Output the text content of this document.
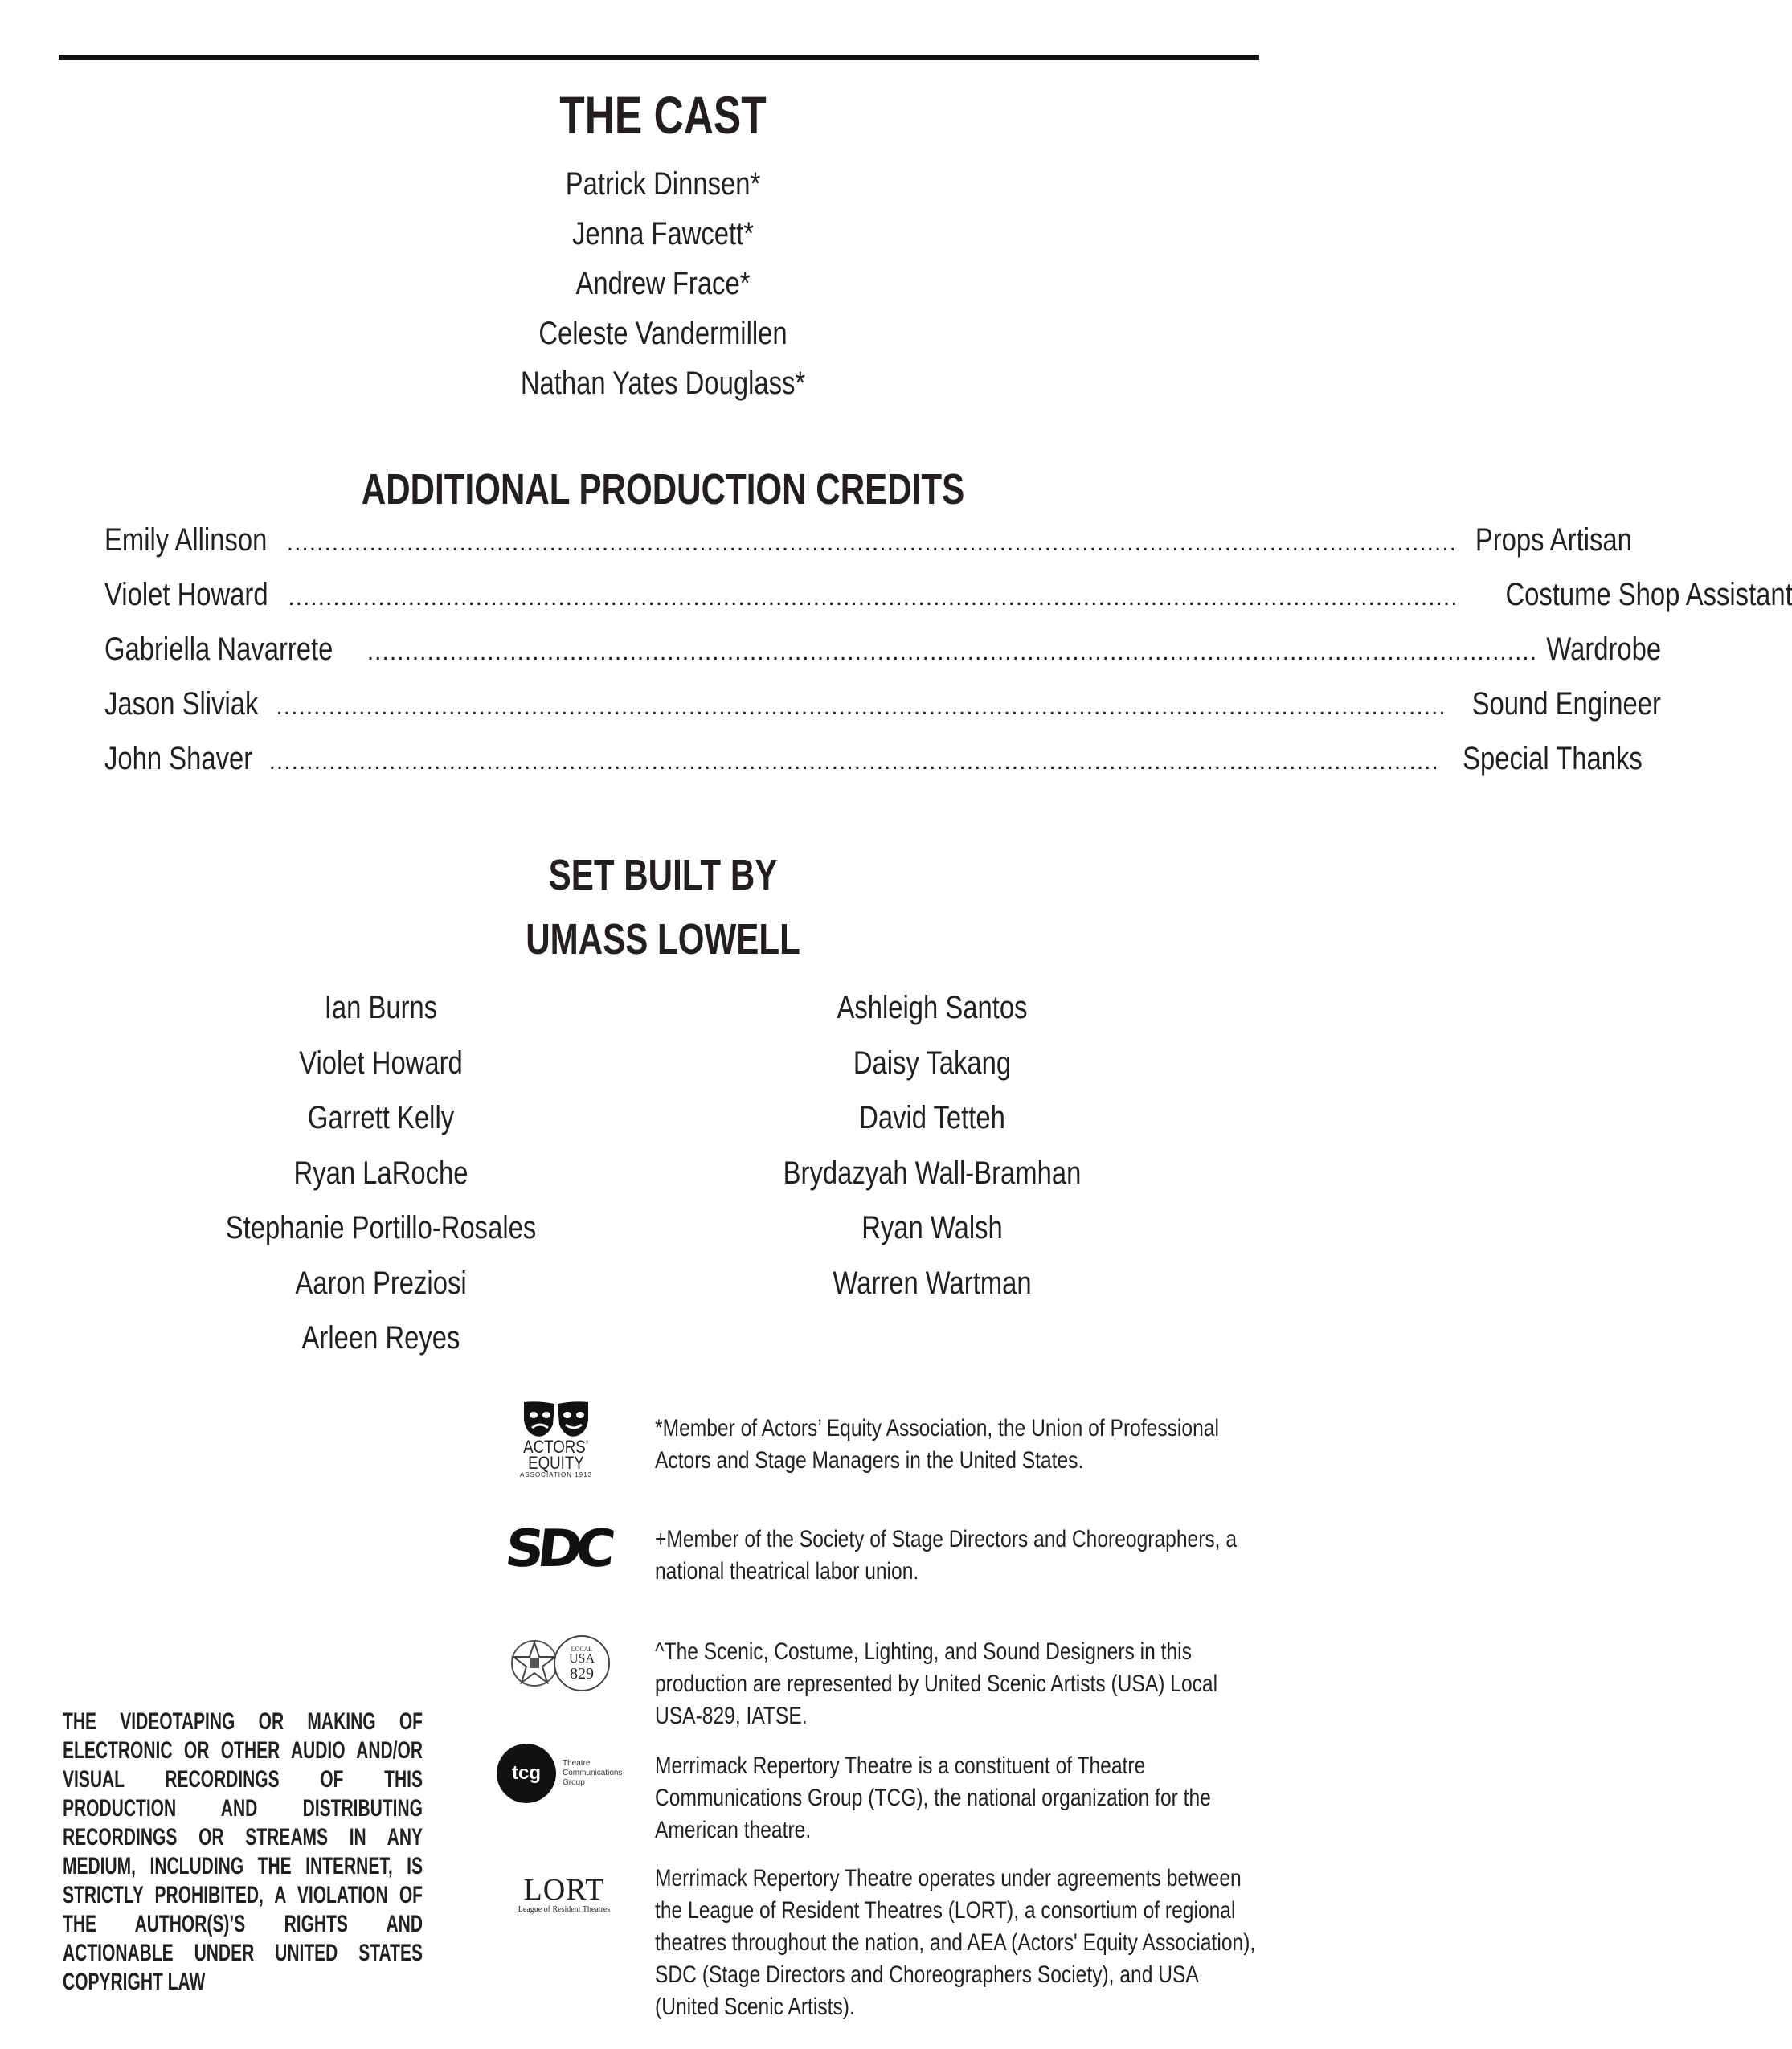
THE CAST
Patrick Dinnsen*
Jenna Fawcett*
Andrew Frace*
Celeste Vandermillen
Nathan Yates Douglass*
ADDITIONAL PRODUCTION CREDITS
Emily Allinson ............................................................................................................................................................ Props Artisan
Violet Howard ............................................................................................................................................................ Costume Shop Assistant
Gabriella Navarrete ............................................................................................................................................................ Wardrobe
Jason Sliviak ............................................................................................................................................................ Sound Engineer
John Shaver ............................................................................................................................................................ Special Thanks
SET BUILT BY
UMASS LOWELL
Ian Burns
Violet Howard
Garrett Kelly
Ryan LaRoche
Stephanie Portillo-Rosales
Aaron Preziosi
Arleen Reyes
Ashleigh Santos
Daisy Takang
David Tetteh
Brydazyah Wall-Bramhan
Ryan Walsh
Warren Wartman
ACTORS'
EQUITY
ASSOCIATION 1913
*Member of Actors’ Equity Association, the Union of Professional Actors and Stage Managers in the United States.
SDC +Member of the Society of Stage Directors and Choreographers, a national theatrical labor union.
LOCAL
USA
829
^The Scenic, Costume, Lighting, and Sound Designers in this production are represented by United Scenic Artists (USA) Local USA-829, IATSE.
tcg	Theatre
Communications
Group
Merrimack Repertory Theatre is a constituent of Theatre Communications Group (TCG), the national organization for the American theatre.
LORT
League of Resident Theatres
Merrimack Repertory Theatre operates under agreements between the League of Resident Theatres (LORT), a consortium of regional theatres throughout the nation, and AEA (Actors' Equity Association), SDC (Stage Directors and Choreographers Society), and USA (United Scenic Artists).
THE VIDEOTAPING OR MAKING OF ELECTRONIC OR OTHER AUDIO AND/OR VISUAL RECORDINGS OF THIS PRODUCTION AND DISTRIBUTING RECORDINGS OR STREAMS IN ANY MEDIUM, INCLUDING THE INTERNET, IS STRICTLY PROHIBITED, A VIOLATION OF THE AUTHOR(S)’S RIGHTS AND ACTIONABLE UNDER UNITED STATES COPYRIGHT LAW
